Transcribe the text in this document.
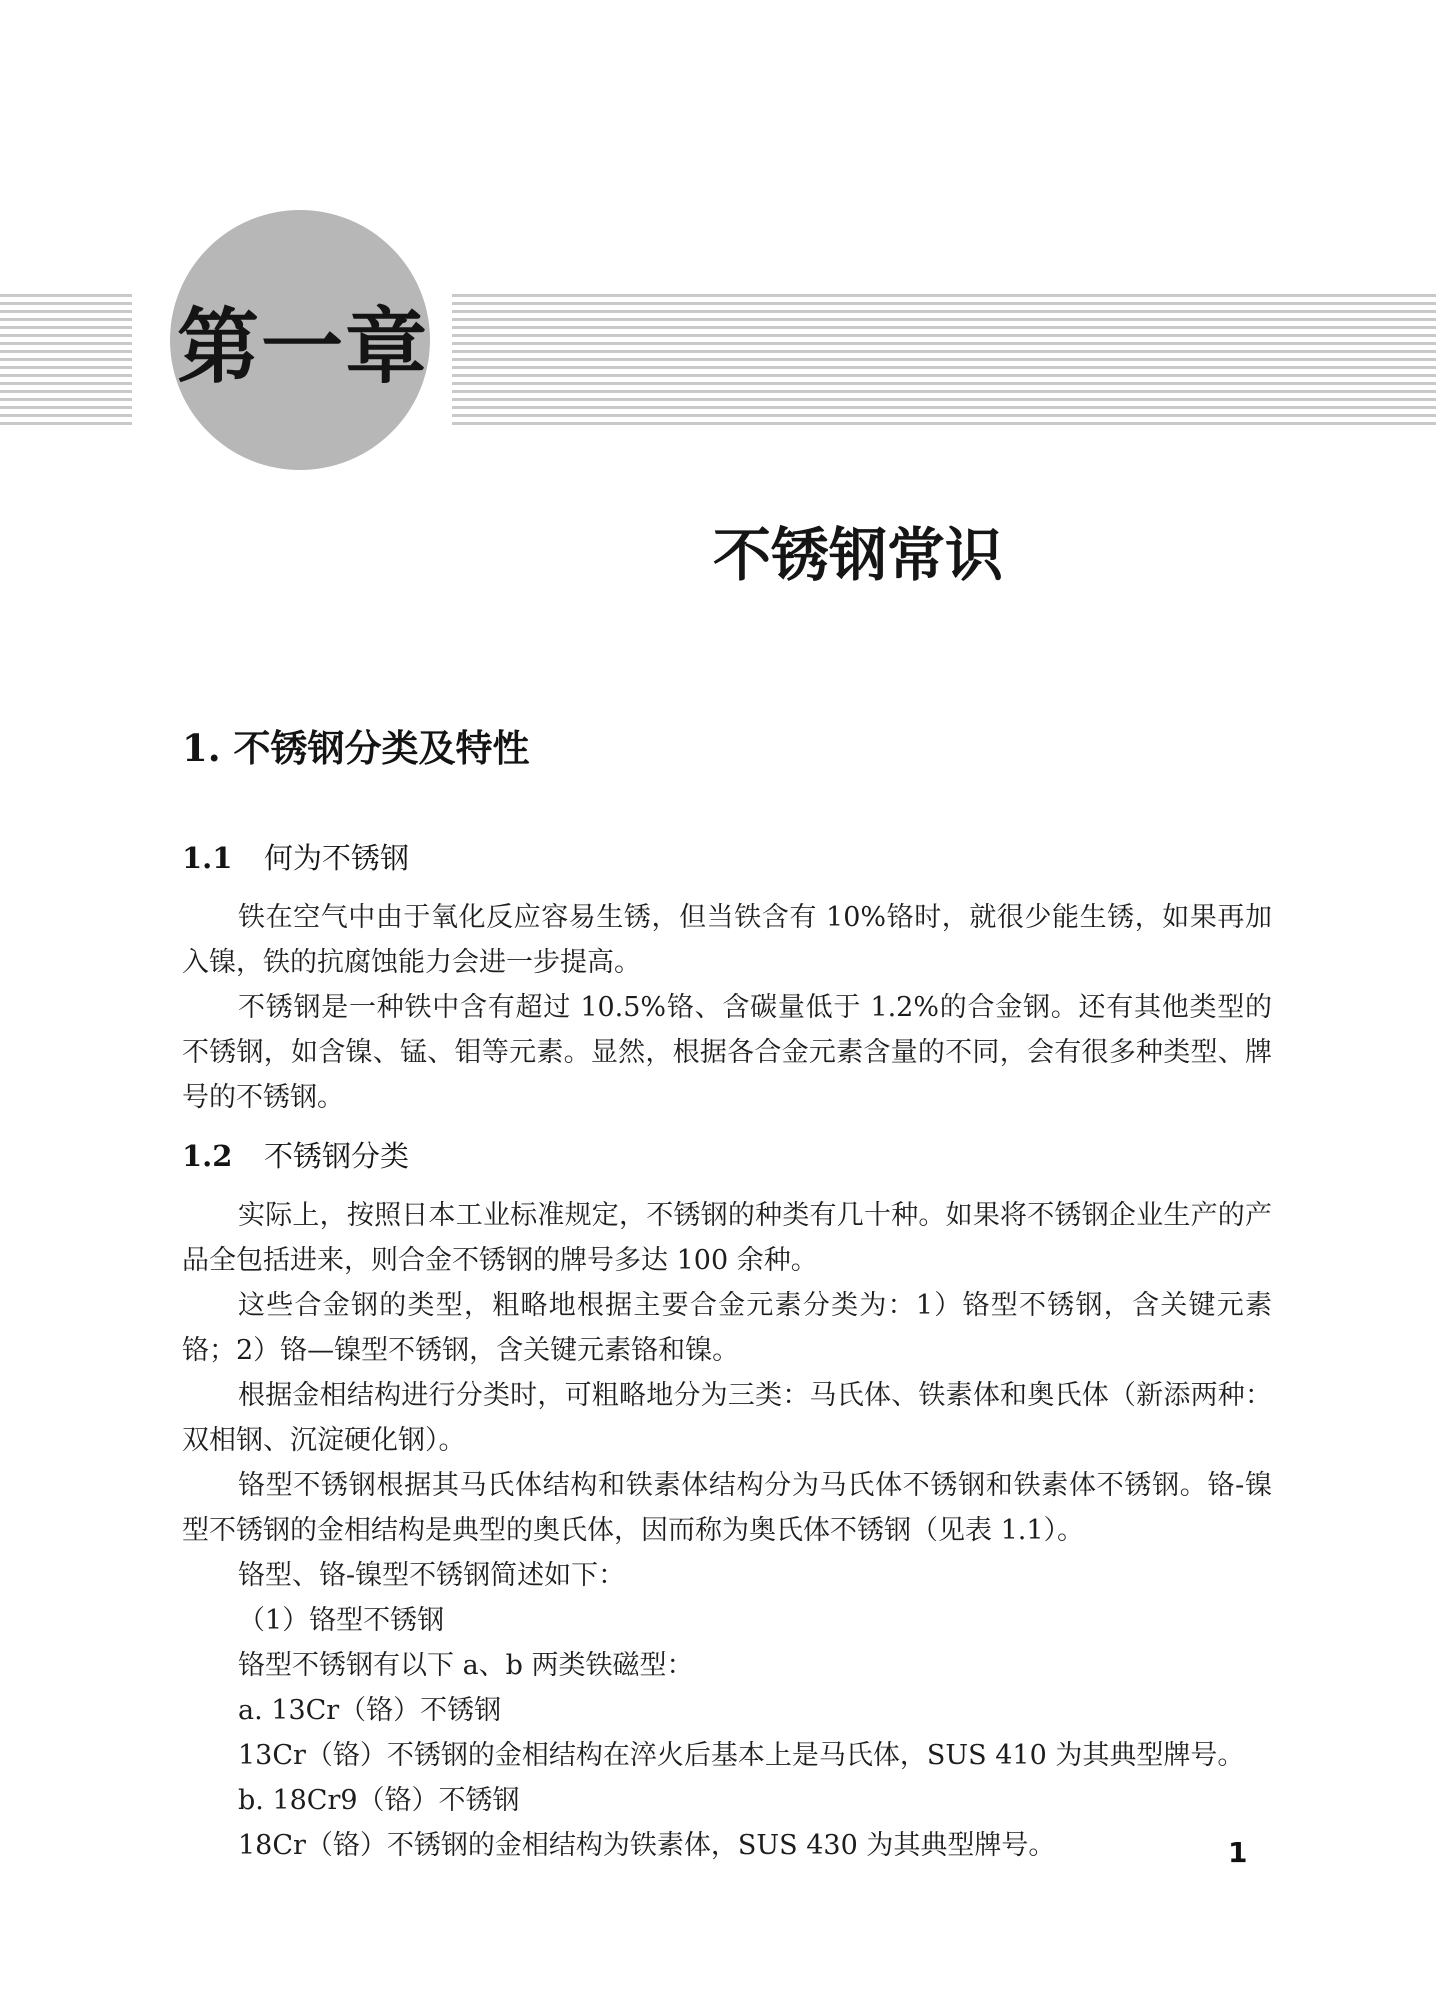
第一章
不锈钢常识
1. 不锈钢分类及特性
1.1 何为不锈钢

铁在空气中由于氧化反应容易生锈，但当铁含有 10%铬时，就很少能生锈，如果再加入镍，铁的抗腐蚀能力会进一步提高。

不锈钢是一种铁中含有超过 10.5%铬、含碳量低于 1.2%的合金钢。还有其他类型的不锈钢，如含镍、锰、钼等元素。显然，根据各合金元素含量的不同，会有很多种类型、牌号的不锈钢。

1.2 不锈钢分类

实际上，按照日本工业标准规定，不锈钢的种类有几十种。如果将不锈钢企业生产的产品全包括进来，则合金不锈钢的牌号多达 100 余种。

这些合金钢的类型，粗略地根据主要合金元素分类为：1）铬型不锈钢，含关键元素铬；2）铬—镍型不锈钢，含关键元素铬和镍。

根据金相结构进行分类时，可粗略地分为三类：马氏体、铁素体和奥氏体（新添两种：双相钢、沉淀硬化钢）。

铬型不锈钢根据其马氏体结构和铁素体结构分为马氏体不锈钢和铁素体不锈钢。铬-镍型不锈钢的金相结构是典型的奥氏体，因而称为奥氏体不锈钢（见表 1.1）。

铬型、铬-镍型不锈钢简述如下：

（1）铬型不锈钢

铬型不锈钢有以下 a、b 两类铁磁型：

a. 13Cr（铬）不锈钢

13Cr（铬）不锈钢的金相结构在淬火后基本上是马氏体，SUS 410 为其典型牌号。

b. 18Cr9（铬）不锈钢

18Cr（铬）不锈钢的金相结构为铁素体，SUS 430 为其典型牌号。	1
